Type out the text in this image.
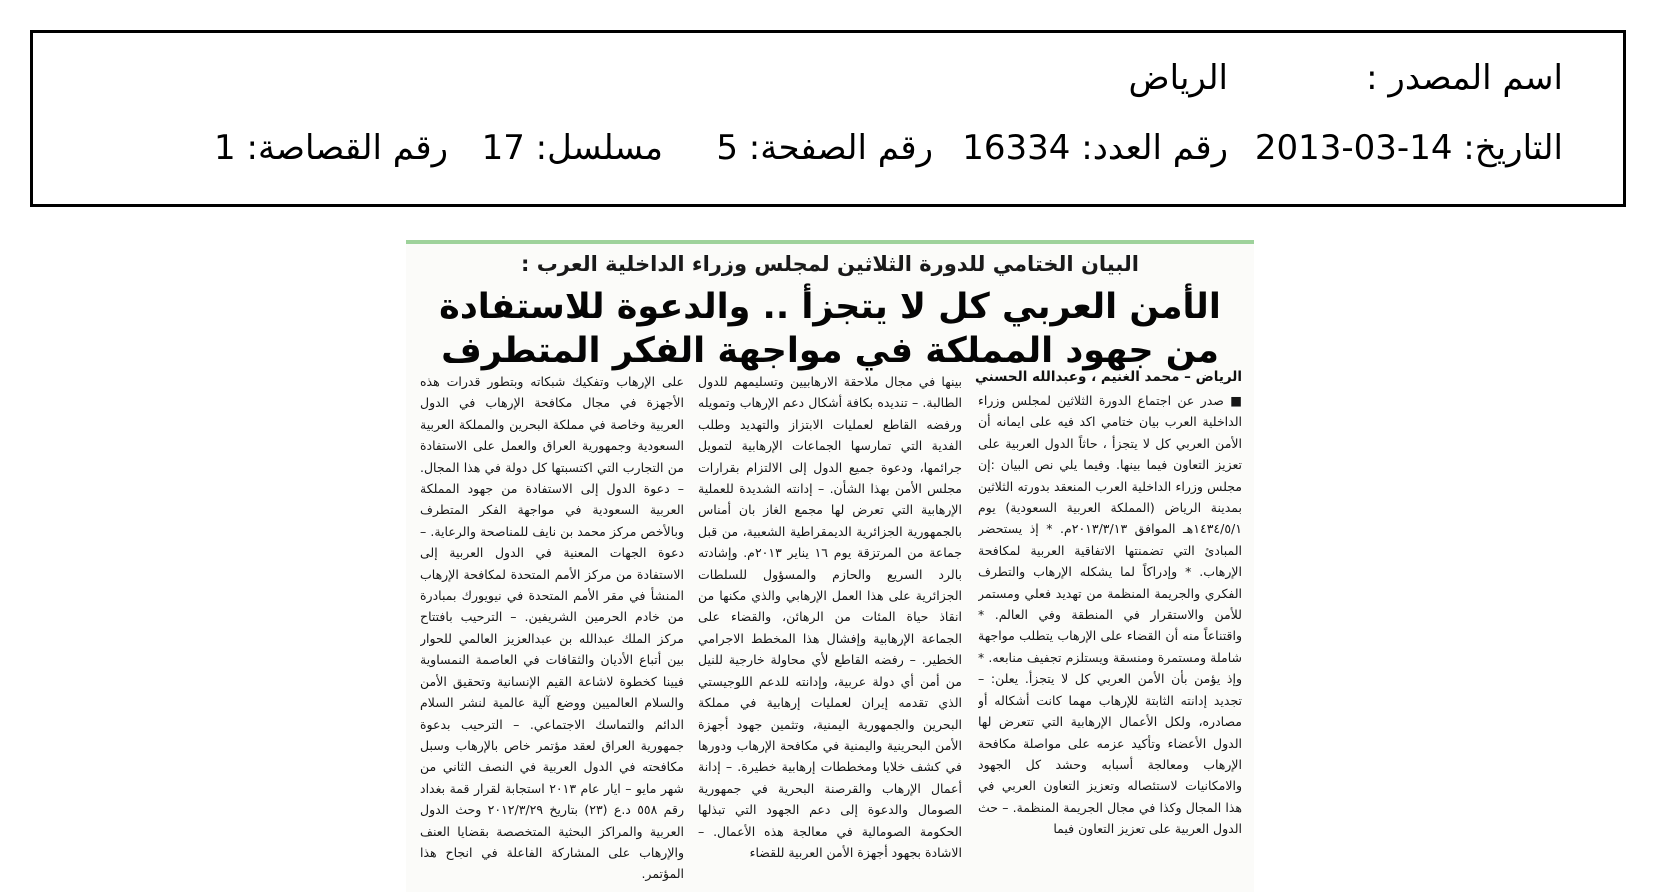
اسم المصدر :
الرياض
التاريخ: 2013-03-14
رقم العدد: 16334
رقم الصفحة: 5
مسلسل: 17
رقم القصاصة: 1
البيان الختامي للدورة الثلاثين لمجلس وزراء الداخلية العرب :
الأمن العربي كل لا يتجزأ .. والدعوة للاستفادة من جهود المملكة في مواجهة الفكر المتطرف
الرياض – محمد الغنيم ، وعبدالله الحسني

■ صدر عن اجتماع الدورة الثلاثين لمجلس وزراء الداخلية العرب بيان ختامي اكد فيه على ايمانه أن الأمن العربي كل لا يتجزأ ، حاثاً الدول العربية على تعزيز التعاون فيما بينها. وفيما يلي نص البيان :إن مجلس وزراء الداخلية العرب المنعقد بدورته الثلاثين بمدينة الرياض (المملكة العربية السعودية) يوم ١٤٣٤/٥/١هـ الموافق ٢٠١٣/٣/١٣م. * إذ يستحضر المبادئ التي تضمنتها الاتفاقية العربية لمكافحة الإرهاب. * وإدراكاً لما يشكله الإرهاب والتطرف الفكري والجريمة المنظمة من تهديد فعلي ومستمر للأمن والاستقرار في المنطقة وفي العالم. * واقتناعاً منه أن القضاء على الإرهاب يتطلب مواجهة شاملة ومستمرة ومنسقة ويستلزم تجفيف منابعه. * وإذ يؤمن بأن الأمن العربي كل لا يتجزأ. يعلن: – تجديد إدانته الثابتة للإرهاب مهما كانت أشكاله أو مصادره، ولكل الأعمال الإرهابية التي تتعرض لها الدول الأعضاء وتأكيد عزمه على مواصلة مكافحة الإرهاب ومعالجة أسبابه وحشد كل الجهود والامكانيات لاستئصاله وتعزيز التعاون العربي في هذا المجال وكذا في مجال الجريمة المنظمة. – حث الدول العربية على تعزيز التعاون فيما

بينها في مجال ملاحقة الارهابيين وتسليمهم للدول الطالبة. – تنديده بكافة أشكال دعم الإرهاب وتمويله ورفضه القاطع لعمليات الابتزاز والتهديد وطلب الفدية التي تمارسها الجماعات الإرهابية لتمويل جرائمها، ودعوة جميع الدول إلى الالتزام بقرارات مجلس الأمن بهذا الشأن. – إدانته الشديدة للعملية الإرهابية التي تعرض لها مجمع الغاز بان أمناس بالجمهورية الجزائرية الديمقراطية الشعبية، من قبل جماعة من المرتزقة يوم ١٦ يناير ٢٠١٣م. وإشادته بالرد السريع والحازم والمسؤول للسلطات الجزائرية على هذا العمل الإرهابي والذي مكنها من انقاذ حياة المئات من الرهائن، والقضاء على الجماعة الإرهابية وإفشال هذا المخطط الاجرامي الخطير. – رفضه القاطع لأي محاولة خارجية للنيل من أمن أي دولة عربية، وإدانته للدعم اللوجيستي الذي تقدمه إيران لعمليات إرهابية في مملكة البحرين والجمهورية اليمنية، وتثمين جهود أجهزة الأمن البحرينية واليمنية في مكافحة الإرهاب ودورها في كشف خلايا ومخططات إرهابية خطيرة. – إدانة أعمال الإرهاب والقرصنة البحرية في جمهورية الصومال والدعوة إلى دعم الجهود التي تبذلها الحكومة الصومالية في معالجة هذه الأعمال. – الاشادة بجهود أجهزة الأمن العربية للقضاء

على الإرهاب وتفكيك شبكاته وبتطور قدرات هذه الأجهزة في مجال مكافحة الإرهاب في الدول العربية وخاصة في مملكة البحرين والمملكة العربية السعودية وجمهورية العراق والعمل على الاستفادة من التجارب التي اكتسبتها كل دولة في هذا المجال. – دعوة الدول إلى الاستفادة من جهود المملكة العربية السعودية في مواجهة الفكر المتطرف وبالأخص مركز محمد بن نايف للمناصحة والرعاية. – دعوة الجهات المعنية في الدول العربية إلى الاستفادة من مركز الأمم المتحدة لمكافحة الإرهاب المنشأ في مقر الأمم المتحدة في نيويورك بمبادرة من خادم الحرمين الشريفين. – الترحيب بافتتاح مركز الملك عبدالله بن عبدالعزيز العالمي للحوار بين أتباع الأديان والثقافات في العاصمة النمساوية فيينا كخطوة لاشاعة القيم الإنسانية وتحقيق الأمن والسلام العالميين ووضع آلية عالمية لنشر السلام الدائم والتماسك الاجتماعي. – الترحيب بدعوة جمهورية العراق لعقد مؤتمر خاص بالإرهاب وسبل مكافحته في الدول العربية في النصف الثاني من شهر مايو – ايار عام ٢٠١٣ استجابة لقرار قمة بغداد رقم ٥٥٨ د.ع (٢٣) بتاريخ ٢٠١٢/٣/٢٩ وحث الدول العربية والمراكز البحثية المتخصصة بقضايا العنف والإرهاب على المشاركة الفاعلة في انجاح هذا المؤتمر.
